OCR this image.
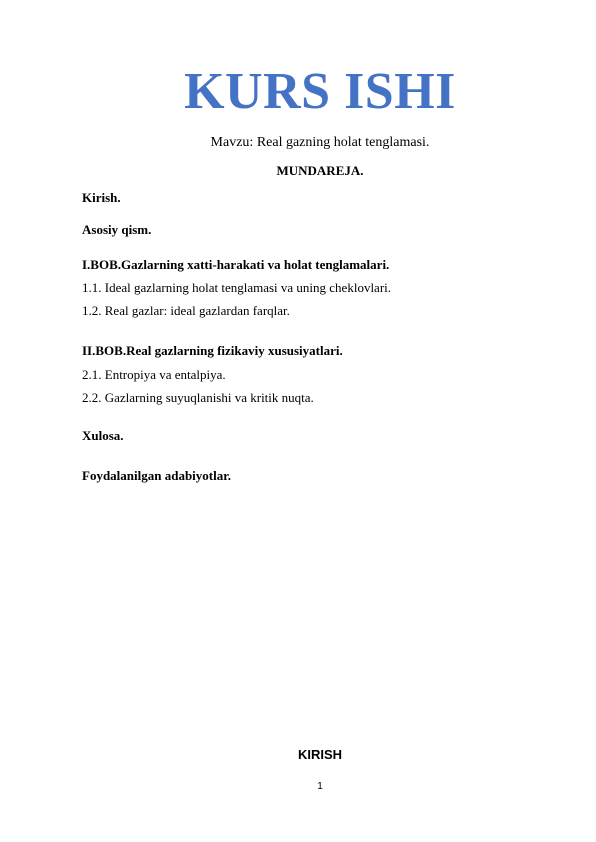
KURS ISHI
Mavzu: Real gazning holat tenglamasi.
MUNDAREJA.
Kirish.
Asosiy qism.
I.BOB.Gazlarning xatti-harakati va holat tenglamalari.
1.1. Ideal gazlarning holat tenglamasi va uning cheklovlari.
1.2. Real gazlar: ideal gazlardan farqlar.
II.BOB.Real gazlarning fizikaviy xususiyatlari.
2.1. Entropiya va entalpiya.
2.2. Gazlarning suyuqlanishi va kritik nuqta.
Xulosa.
Foydalanilgan adabiyotlar.
KIRISH
1
